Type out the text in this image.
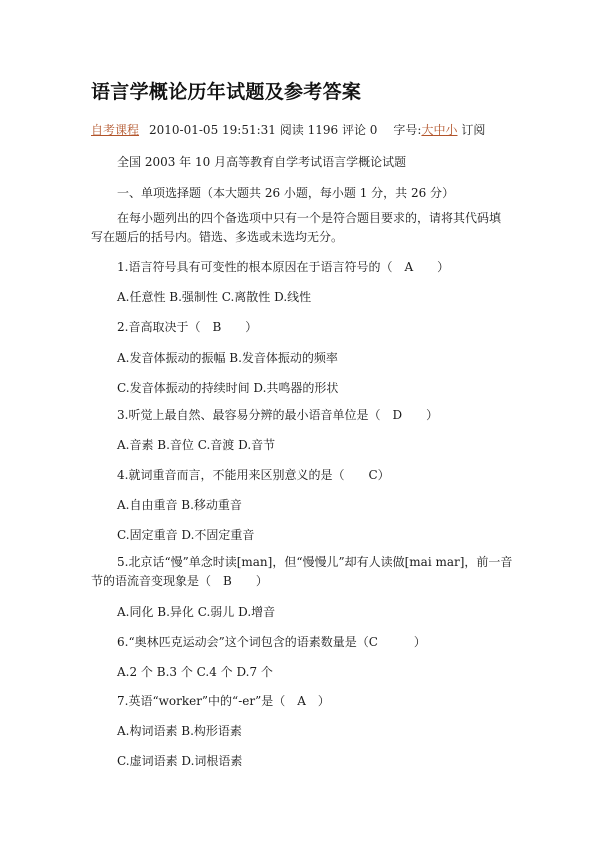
语言学概论历年试题及参考答案
自考课程 2010-01-05 19:51:31 阅读 1196 评论 0 字号:大中小 订阅
全国 2003 年 10 月高等教育自学考试语言学概论试题
一、单项选择题（本大题共 26 小题，每小题 1 分，共 26 分）
在每小题列出的四个备选项中只有一个是符合题目要求的，请将其代码填写在题后的括号内。错选、多选或未选均无分。
1.语言符号具有可变性的根本原因在于语言符号的（　A　　）
A.任意性 B.强制性 C.离散性 D.线性
2.音高取决于（　B　　）
A.发音体振动的振幅 B.发音体振动的频率
C.发音体振动的持续时间 D.共鸣器的形状
3.听觉上最自然、最容易分辨的最小语音单位是（　D　　）
A.音素 B.音位 C.音渡 D.音节
4.就词重音而言，不能用来区别意义的是（　　C）
A.自由重音 B.移动重音
C.固定重音 D.不固定重音
5.北京话“慢”单念时读[man]，但“慢慢儿”却有人读做[mai mar]，前一音节的语流音变现象是（　B　　）
A.同化 B.异化 C.弱儿 D.增音
6.“奥林匹克运动会”这个词包含的语素数量是（C　　　）
A.2 个 B.3 个 C.4 个 D.7 个
7.英语“worker”中的“-er”是（　A　）
A.构词语素 B.构形语素
C.虚词语素 D.词根语素
